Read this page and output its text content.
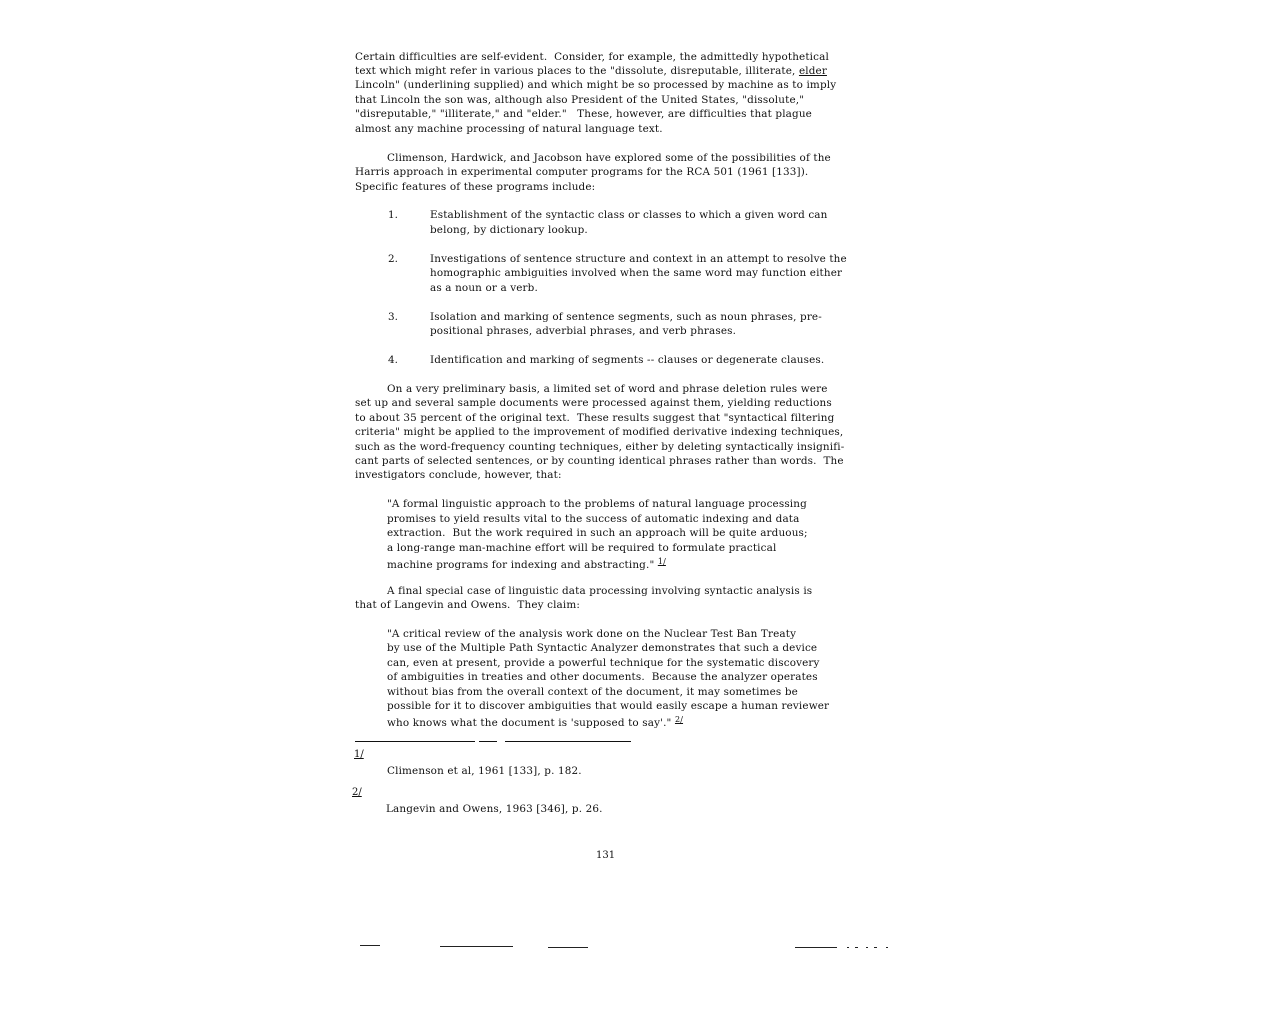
Certain difficulties are self-evident.  Consider, for example, the admittedly hypothetical
text which might refer in various places to the "dissolute, disreputable, illiterate, elder
Lincoln" (underlining supplied) and which might be so processed by machine as to imply
that Lincoln the son was, although also President of the United States, "dissolute,"
"disreputable," "illiterate," and "elder."   These, however, are difficulties that plague
almost any machine processing of natural language text.
Climenson, Hardwick, and Jacobson have explored some of the possibilities of the
Harris approach in experimental computer programs for the RCA 501 (1961 [133]).
Specific features of these programs include:
1.	Establishment of the syntactic class or classes to which a given word can
belong, by dictionary lookup.
2.	Investigations of sentence structure and context in an attempt to resolve the
homographic ambiguities involved when the same word may function either
as a noun or a verb.
3.	Isolation and marking of sentence segments, such as noun phrases, pre-
positional phrases, adverbial phrases, and verb phrases.
4.	Identification and marking of segments -- clauses or degenerate clauses.
On a very preliminary basis, a limited set of word and phrase deletion rules were
set up and several sample documents were processed against them, yielding reductions
to about 35 percent of the original text.  These results suggest that "syntactical filtering
criteria" might be applied to the improvement of modified derivative indexing techniques,
such as the word-frequency counting techniques, either by deleting syntactically insignifi-
cant parts of selected sentences, or by counting identical phrases rather than words.  The
investigators conclude, however, that:
"A formal linguistic approach to the problems of natural language processing
promises to yield results vital to the success of automatic indexing and data
extraction.  But the work required in such an approach will be quite arduous;
a long-range man-machine effort will be required to formulate practical
machine programs for indexing and abstracting." $^{1/}$
A final special case of linguistic data processing involving syntactic analysis is
that of Langevin and Owens.  They claim:
"A critical review of the analysis work done on the Nuclear Test Ban Treaty
by use of the Multiple Path Syntactic Analyzer demonstrates that such a device
can, even at present, provide a powerful technique for the systematic discovery
of ambiguities in treaties and other documents.  Because the analyzer operates
without bias from the overall context of the document, it may sometimes be
possible for it to discover ambiguities that would easily escape a human reviewer
who knows what the document is 'supposed to say'." $^{2/}$
1/
Climenson et al, 1961 [133], p. 182.
2/
Langevin and Owens, 1963 [346], p. 26.
131
